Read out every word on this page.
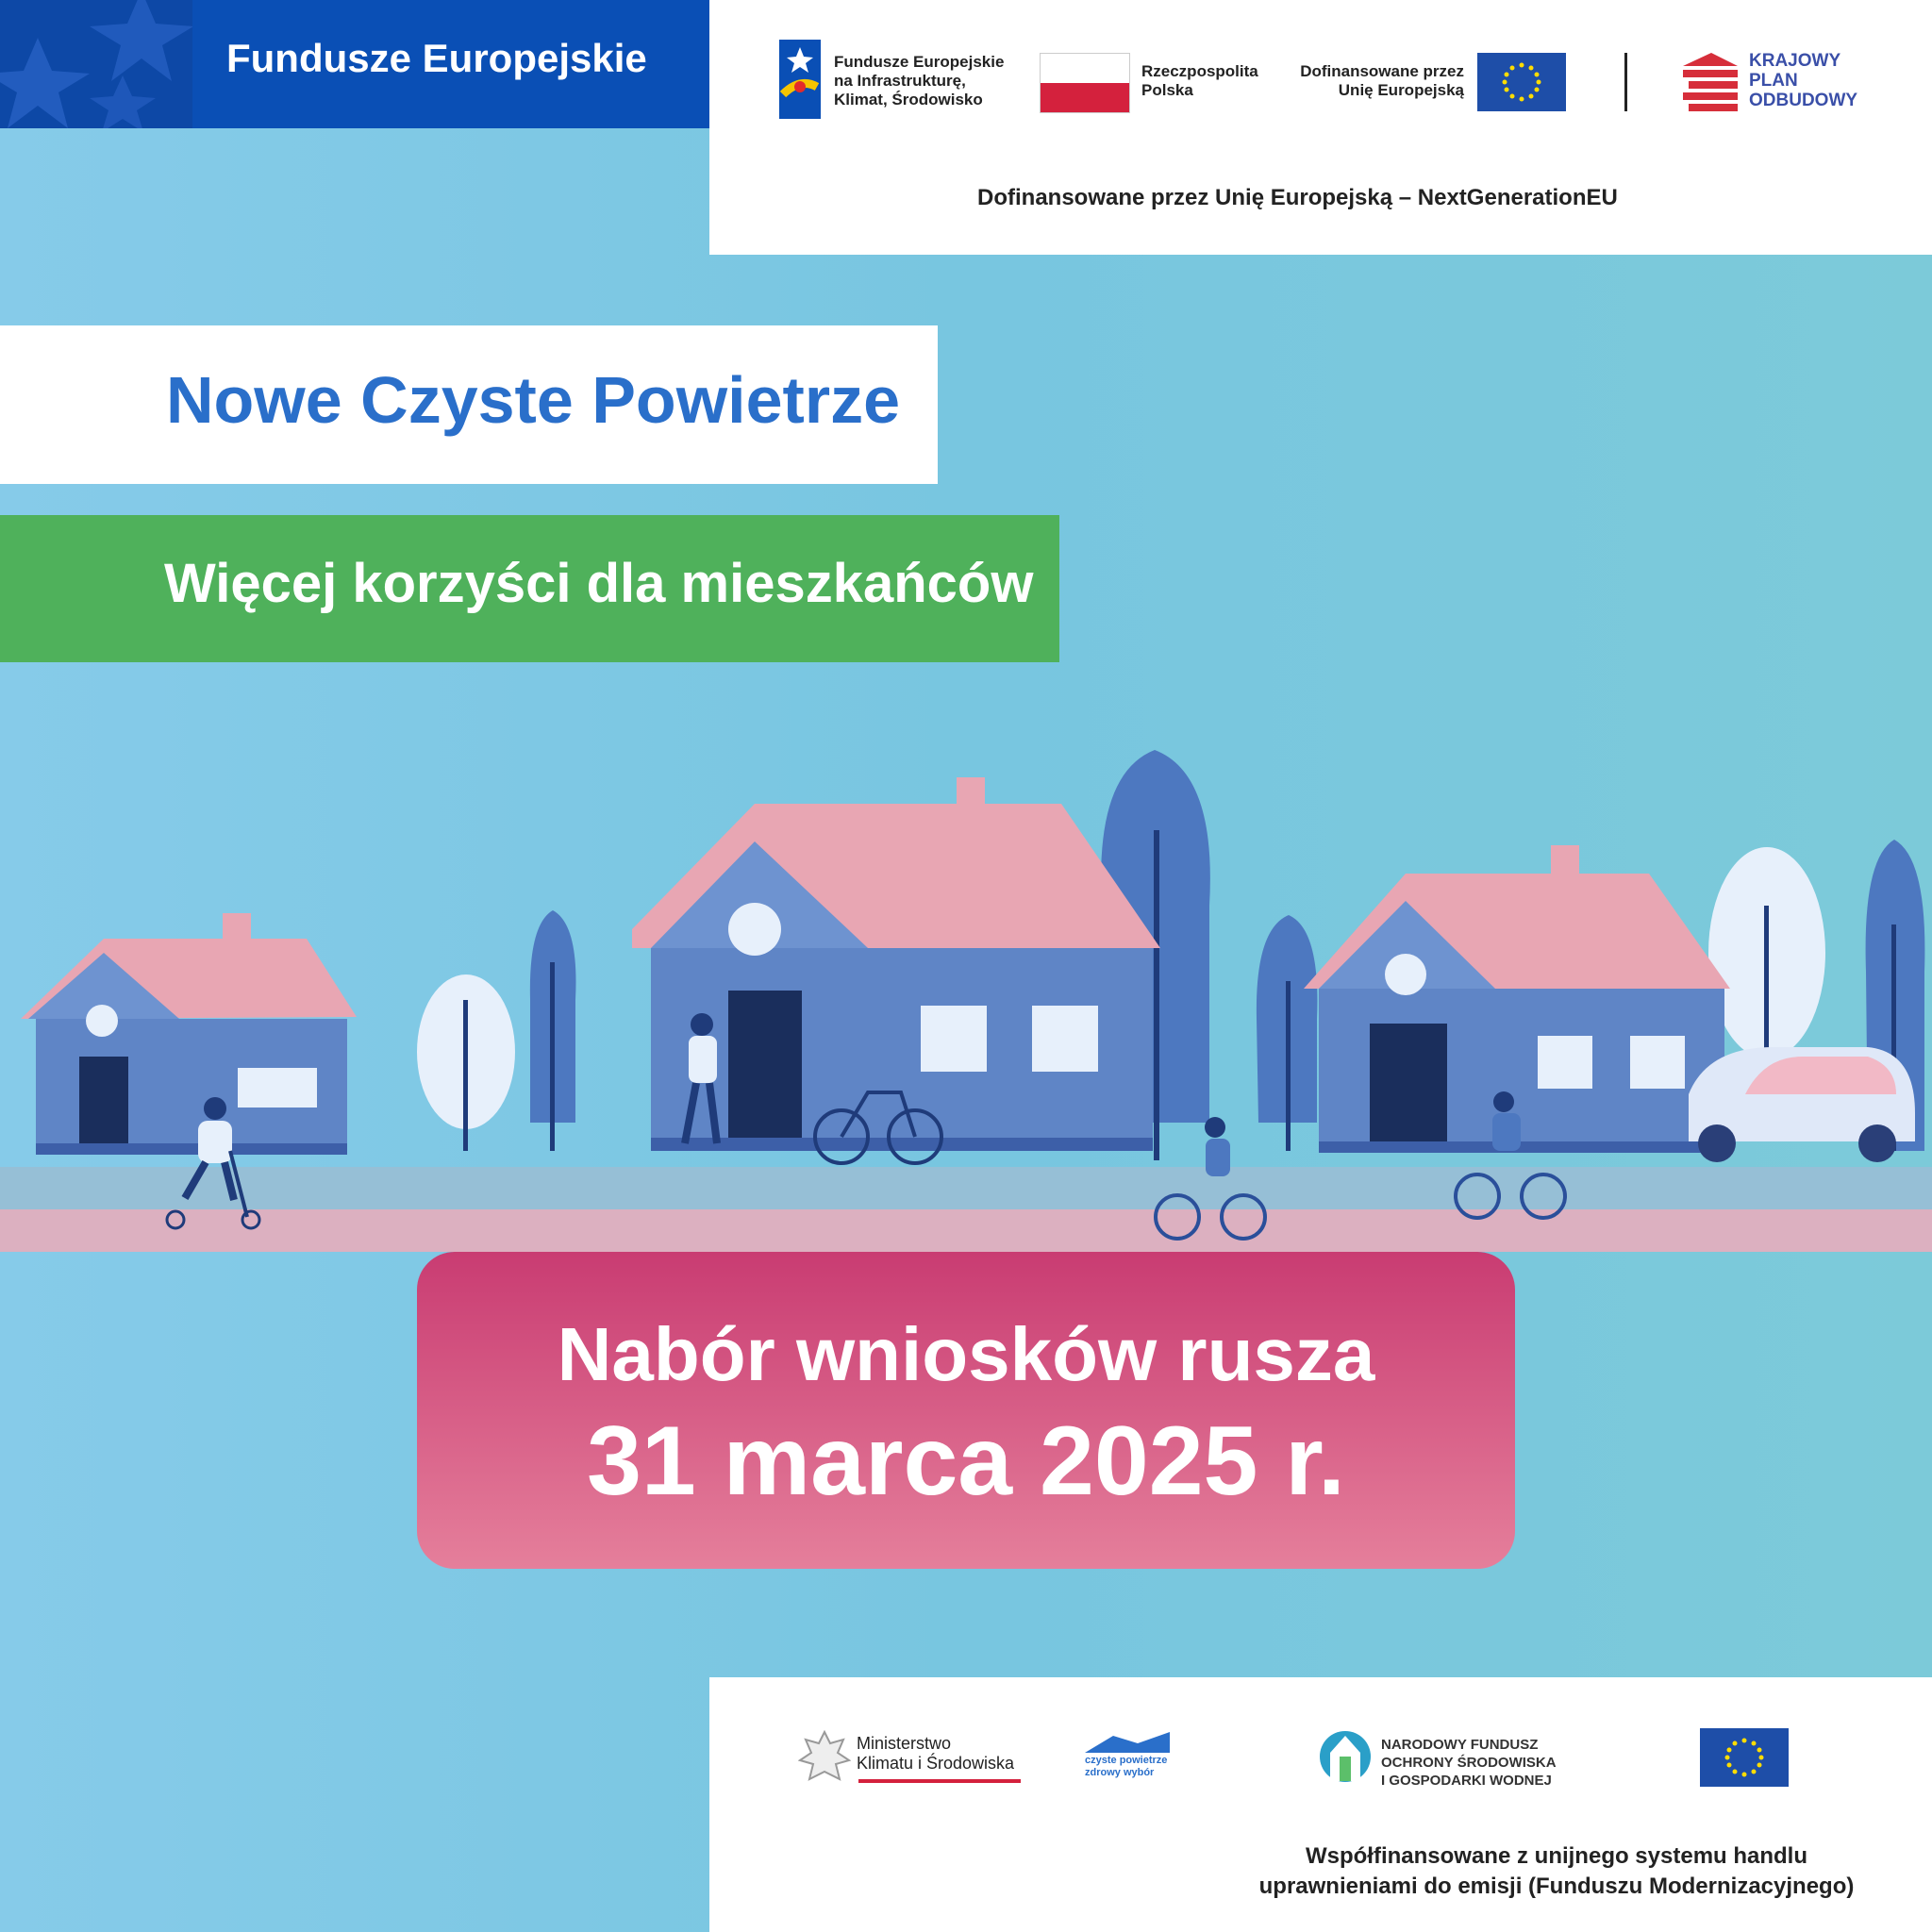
Fundusze Europejskie	Fundusze Europejskie
na Infrastrukturę,
Klimat, Środowisko
Rzeczpospolita
Polska
Dofinansowane przez
Unię Europejską
KRAJOWY
PLAN
ODBUDOWY
Dofinansowane przez Unię Europejską – NextGenerationEU
Nowe Czyste Powietrze
Więcej korzyści dla mieszkańców
Nabór wniosków rusza
31 marca 2025 r.
Ministerstwo
Klimatu i Środowiska	czyste powietrze
zdrowy wybór
NARODOWY FUNDUSZ
OCHRONY ŚRODOWISKA
I GOSPODARKI WODNEJ
Współfinansowane z unijnego systemu handlu
uprawnieniami do emisji (Funduszu Modernizacyjnego)
